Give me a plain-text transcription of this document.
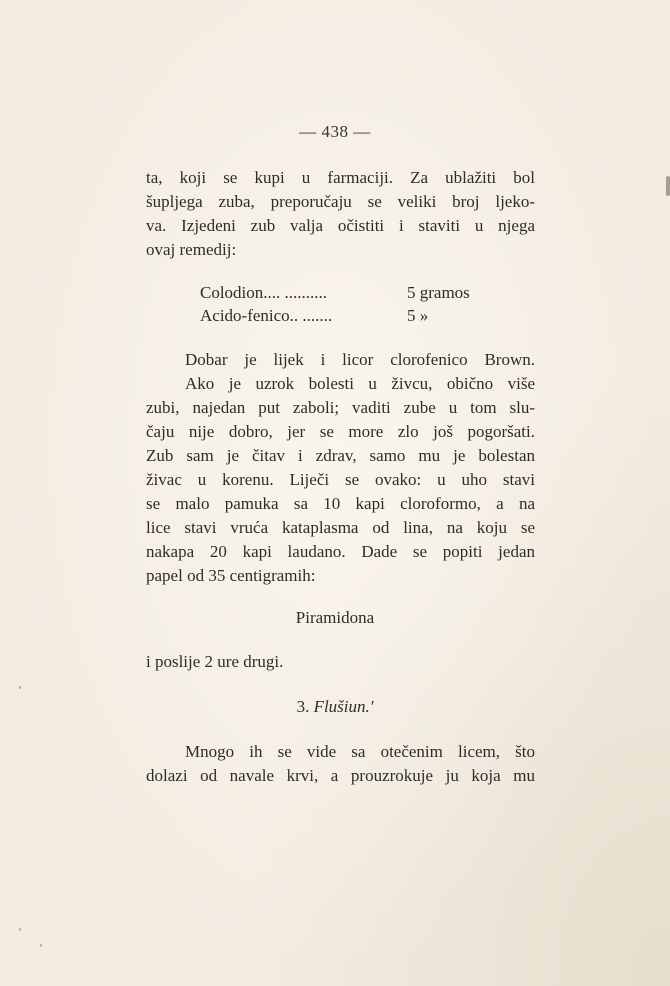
— 438 —
ta, koji se kupi u farmaciji. Za ublažiti bol
šupljega zuba, preporučaju se veliki broj ljeko-
va. Izjedeni zub valja očistiti i staviti u njega
ovaj remedij:
Colodion.... ..........	5 gramos
Acido-fenico.. .......	5 »
Dobar je lijek i licor clorofenico Brown.
Ako je uzrok bolesti u živcu, obično više
zubi, najedan put zaboli; vaditi zube u tom slu-
čaju nije dobro, jer se more zlo još pogoršati.
Zub sam je čitav i zdrav, samo mu je bolestan
živac u korenu. Liječi se ovako: u uho stavi
se malo pamuka sa 10 kapi cloroformo, a na
lice stavi vruća kataplasma od lina, na koju se
nakapa 20 kapi laudano. Dade se popiti jedan
papel od 35 centigramih:
Piramidona
i poslije 2 ure drugi.
3. Flušiun.'
Mnogo ih se vide sa otečenim licem, što
dolazi od navale krvi, a prouzrokuje ju koja mu
